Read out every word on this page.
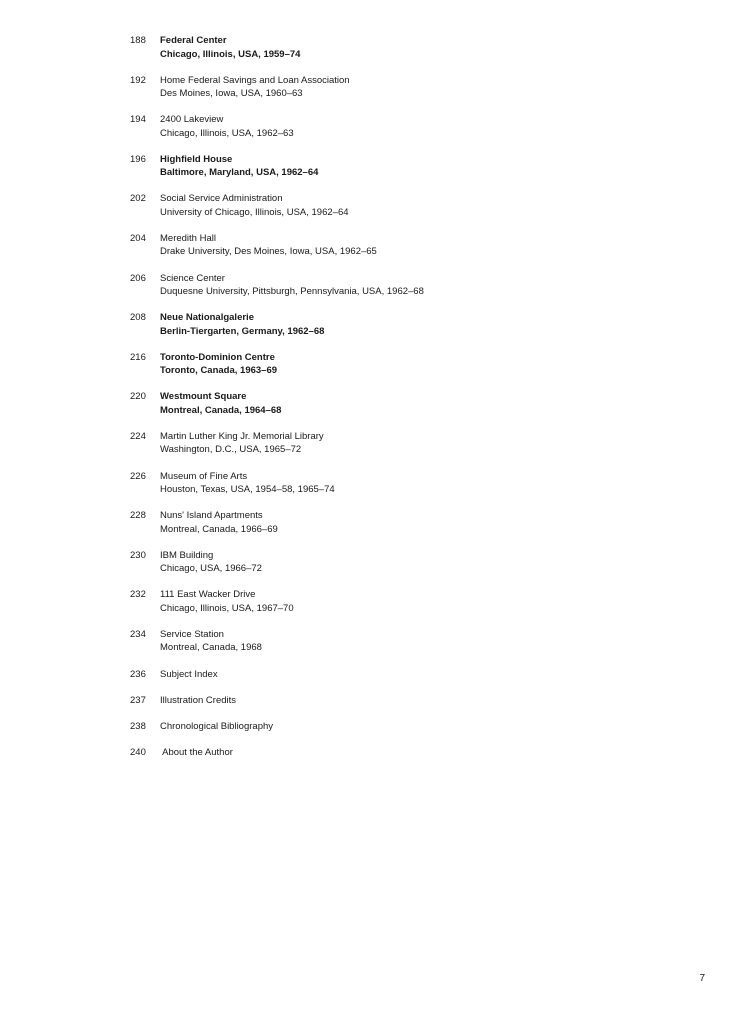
188	Federal Center
Chicago, Illinois, USA, 1959–74
192	Home Federal Savings and Loan Association
Des Moines, Iowa, USA, 1960–63
194	2400 Lakeview
Chicago, Illinois, USA, 1962–63
196	Highfield House
Baltimore, Maryland, USA, 1962–64
202	Social Service Administration
University of Chicago, Illinois, USA, 1962–64
204	Meredith Hall
Drake University, Des Moines, Iowa, USA, 1962–65
206	Science Center
Duquesne University, Pittsburgh, Pennsylvania, USA, 1962–68
208	Neue Nationalgalerie
Berlin-Tiergarten, Germany, 1962–68
216	Toronto-Dominion Centre
Toronto, Canada, 1963–69
220	Westmount Square
Montreal, Canada, 1964–68
224	Martin Luther King Jr. Memorial Library
Washington, D.C., USA, 1965–72
226	Museum of Fine Arts
Houston, Texas, USA, 1954–58, 1965–74
228	Nuns' Island Apartments
Montreal, Canada, 1966–69
230	IBM Building
Chicago, USA, 1966–72
232	111 East Wacker Drive
Chicago, Illinois, USA, 1967–70
234	Service Station
Montreal, Canada, 1968
236	Subject Index
237	Illustration Credits
238	Chronological Bibliography
240	About the Author
7
